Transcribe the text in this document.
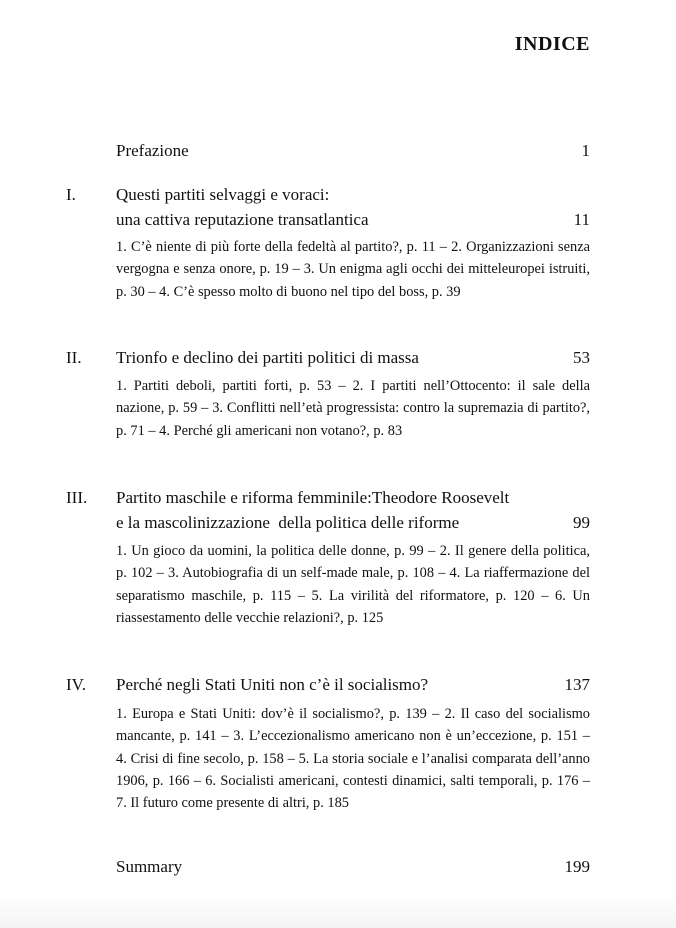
INDICE
Prefazione	1
I. Questi partiti selvaggi e voraci:
una cattiva reputazione transatlantica	11
1. C’è niente di più forte della fedeltà al partito?, p. 11 – 2. Organizzazioni senza vergogna e senza onore, p. 19 – 3. Un enigma agli occhi dei mitteleuropei istruiti, p. 30 – 4. C’è spesso molto di buono nel tipo del boss, p. 39
II. Trionfo e declino dei partiti politici di massa	53
1. Partiti deboli, partiti forti, p. 53 – 2. I partiti nell’Ottocento: il sale della nazione, p. 59 – 3. Conflitti nell’età progressista: contro la supremazia di partito?, p. 71 – 4. Perché gli americani non votano?, p. 83
III. Partito maschile e riforma femminile:Theodore Roosevelt
e la mascolinizzazione  della politica delle riforme	99
1. Un gioco da uomini, la politica delle donne, p. 99 – 2. Il genere della politica, p. 102 – 3. Autobiografia di un self-made male, p. 108 – 4. La riaffermazione del separatismo maschile, p. 115 – 5. La virilità del riformatore, p. 120 – 6. Un riassestamento delle vecchie relazioni?, p. 125
IV. Perché negli Stati Uniti non c’è il socialismo?	137
1. Europa e Stati Uniti: dov’è il socialismo?, p. 139 – 2. Il caso del socialismo mancante, p. 141 – 3. L’eccezionalismo americano non è un’eccezione, p. 151 – 4. Crisi di fine secolo, p. 158 – 5. La storia sociale e l’analisi comparata dell’anno 1906, p. 166 – 6. Socialisti americani, contesti dinamici, salti temporali, p. 176 – 7. Il futuro come presente di altri, p. 185
Summary	199
